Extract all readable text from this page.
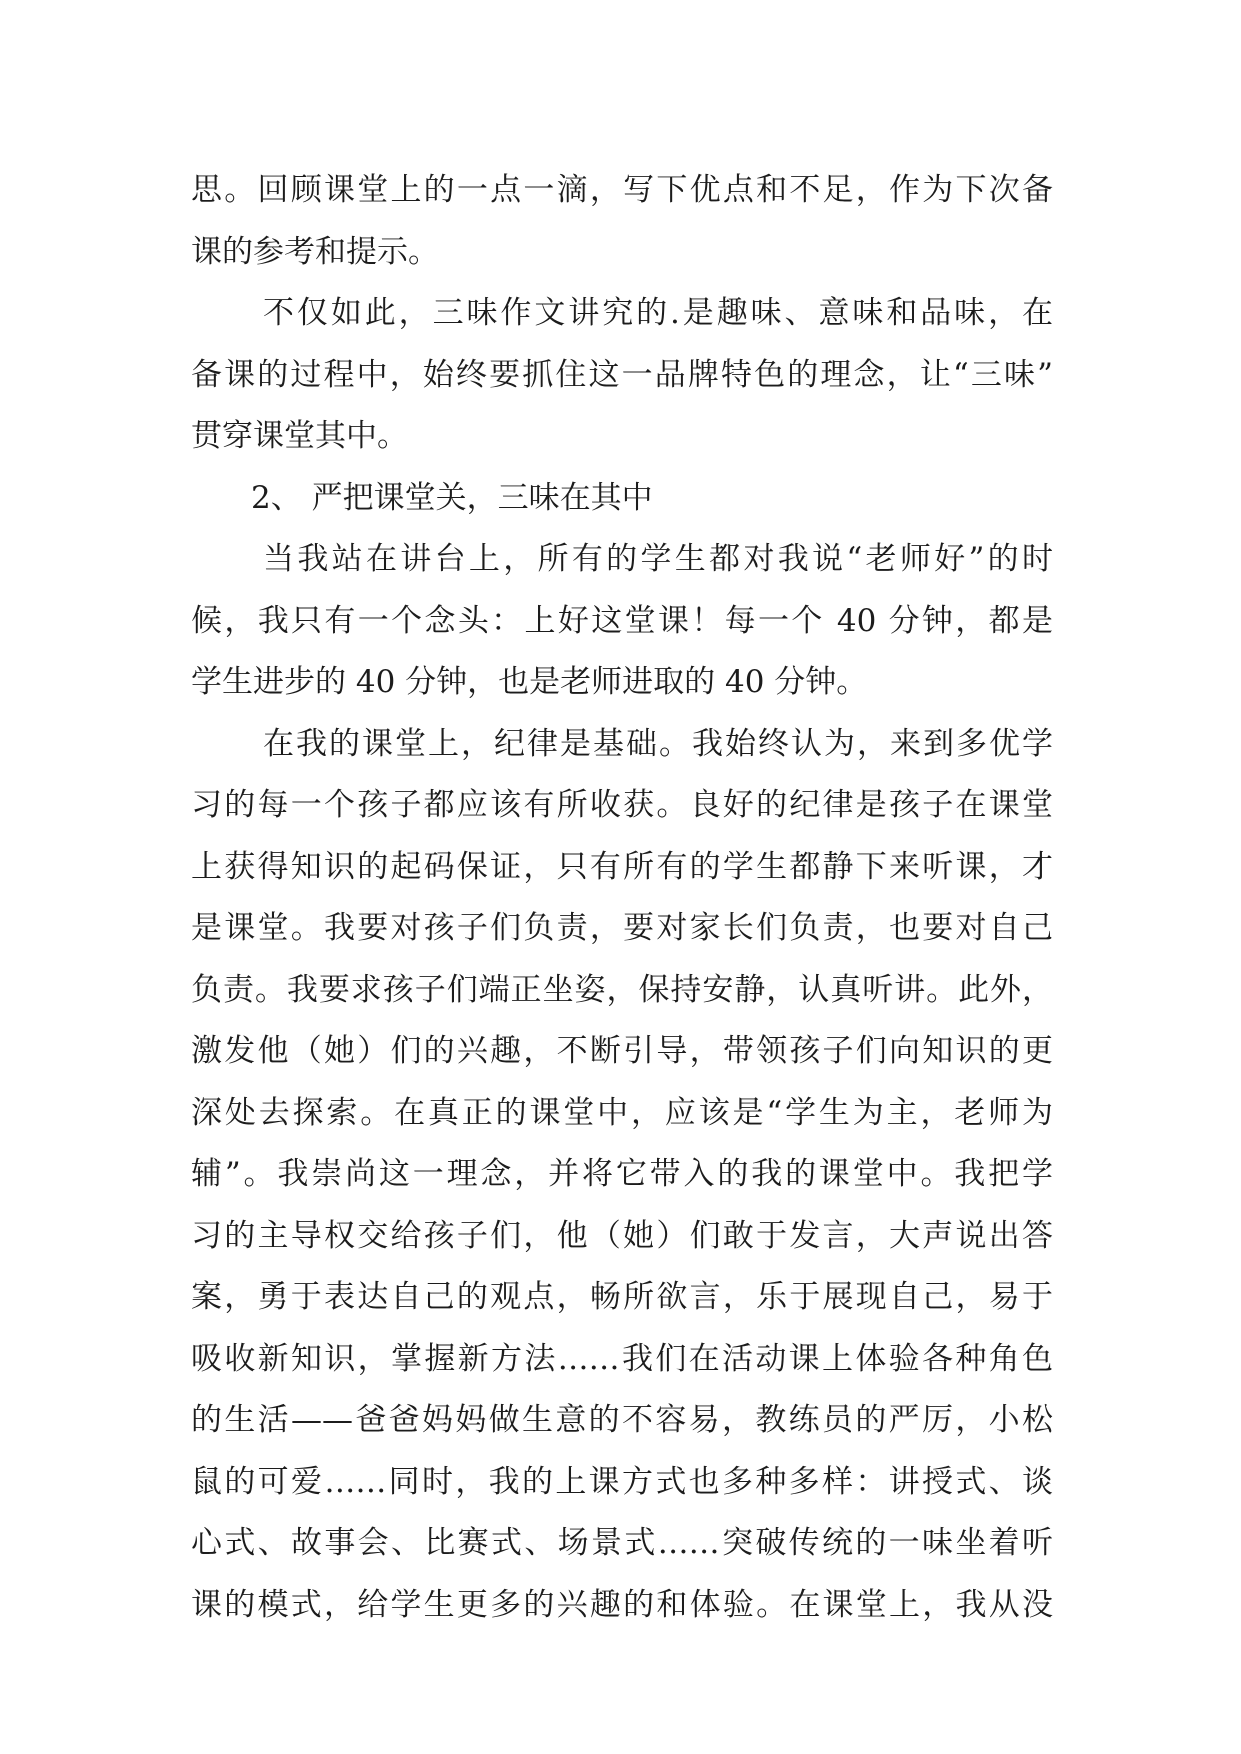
思。回顾课堂上的一点一滴，写下优点和不足，作为下次备
课的参考和提示。
不仅如此，三味作文讲究的.是趣味、意味和品味，在
备课的过程中，始终要抓住这一品牌特色的理念，让“三味”
贯穿课堂其中。
2、 严把课堂关，三味在其中
当我站在讲台上，所有的学生都对我说“老师好”的时
候，我只有一个念头：上好这堂课！每一个 40 分钟，都是
学生进步的 40 分钟，也是老师进取的 40 分钟。
在我的课堂上，纪律是基础。我始终认为，来到多优学
习的每一个孩子都应该有所收获。良好的纪律是孩子在课堂
上获得知识的起码保证，只有所有的学生都静下来听课，才
是课堂。我要对孩子们负责，要对家长们负责，也要对自己
负责。我要求孩子们端正坐姿，保持安静，认真听讲。此外，
激发他（她）们的兴趣，不断引导，带领孩子们向知识的更
深处去探索。在真正的课堂中，应该是“学生为主，老师为
辅”。我崇尚这一理念，并将它带入的我的课堂中。我把学
习的主导权交给孩子们，他（她）们敢于发言，大声说出答
案，勇于表达自己的观点，畅所欲言，乐于展现自己，易于
吸收新知识，掌握新方法……我们在活动课上体验各种角色
的生活——爸爸妈妈做生意的不容易，教练员的严厉，小松
鼠的可爱……同时，我的上课方式也多种多样：讲授式、谈
心式、故事会、比赛式、场景式……突破传统的一味坐着听
课的模式，给学生更多的兴趣的和体验。在课堂上，我从没
